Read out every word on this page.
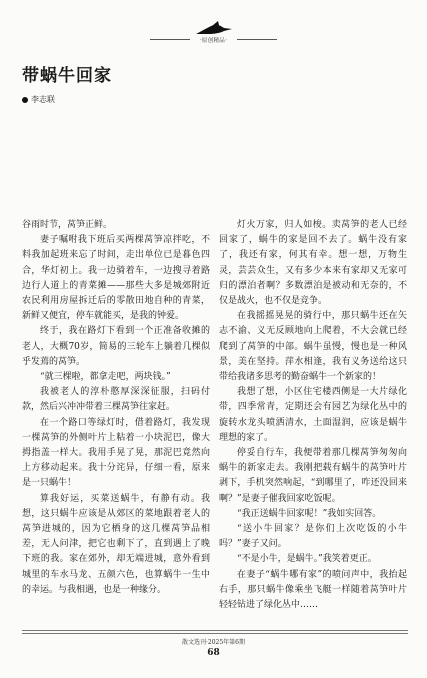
·原创精品·
带蜗牛回家
李志联

谷雨时节，莴笋正鲜。

妻子嘱咐我下班后买两棵莴笋凉拌吃，不料我加起班来忘了时间，走出单位已是暮色四合，华灯初上。我一边骑着车，一边搜寻着路边行人道上的青菜摊——那些大多是城郊附近农民利用房屋拆迁后的零散田地自种的青菜，新鲜又便宜，停车就能买，是我的钟爱。

终于，我在路灯下看到一个正准备收摊的老人，大概70岁，简易的三轮车上躺着几棵似乎发蔫的莴笋。

“就三棵啦，都拿走吧，两块钱。”

我被老人的淳朴憨厚深深征服，扫码付款，然后兴冲冲带着三棵莴笋往家赶。

在一个路口等绿灯时，借着路灯，我发现一棵莴笋的外侧叶片上粘着一小块泥巴，像大拇指盖一样大。我用手晃了晃，那泥巴竟然向上方移动起来。我十分诧异，仔细一看，原来是一只蜗牛！

算我好运，买菜送蜗牛，有静有动。我想，这只蜗牛应该是从郊区的菜地跟着老人的莴笋进城的，因为它栖身的这几棵莴笋品相差，无人问津，把它也剩下了，直到遇上了晚下班的我。家在郊外，却无端进城，意外看到城里的车水马龙、五颜六色，也算蜗牛一生中的幸运。与我相遇，也是一种缘分。

灯火万家，归人如梭。卖莴笋的老人已经回家了，蜗牛的家是回不去了。蜗牛没有家了，我还有家，何其有幸。想一想，万物生灵，芸芸众生，又有多少本来有家却又无家可归的漂泊者啊？多数漂泊是被动和无奈的，不仅是战火，也不仅是竞争。

在我摇摇晃晃的骑行中，那只蜗牛还在矢志不渝、义无反顾地向上爬着，不大会就已经爬到了莴笋的中部。蜗牛虽慢，慢也是一种风景，美在坚持。萍水相逢，我有义务送给这只带给我诸多思考的勤奋蜗牛一个新家的！

我想了想，小区住宅楼西侧是一大片绿化带，四季常青，定期还会有园艺为绿化丛中的旋转水龙头喷洒清水，土面湿润，应该是蜗牛理想的家了。

停妥自行车，我便带着那几棵莴笋匆匆向蜗牛的新家走去。我刚把载有蜗牛的莴笋叶片剥下，手机突然响起，“到哪里了，咋还没回来啊？”是妻子催我回家吃饭呢。

“我正送蜗牛回家呢！”我如实回答。

“送小牛回家？是你们上次吃饭的小牛吗？”妻子又问。

“不是小牛，是蜗牛。”我笑着更正。

在妻子“蜗牛哪有家”的喷问声中，我抬起右手，那只蜗牛像乘坐飞艇一样随着莴笋叶片轻轻钻进了绿化丛中……

散文选刊·2025年第6期
68
